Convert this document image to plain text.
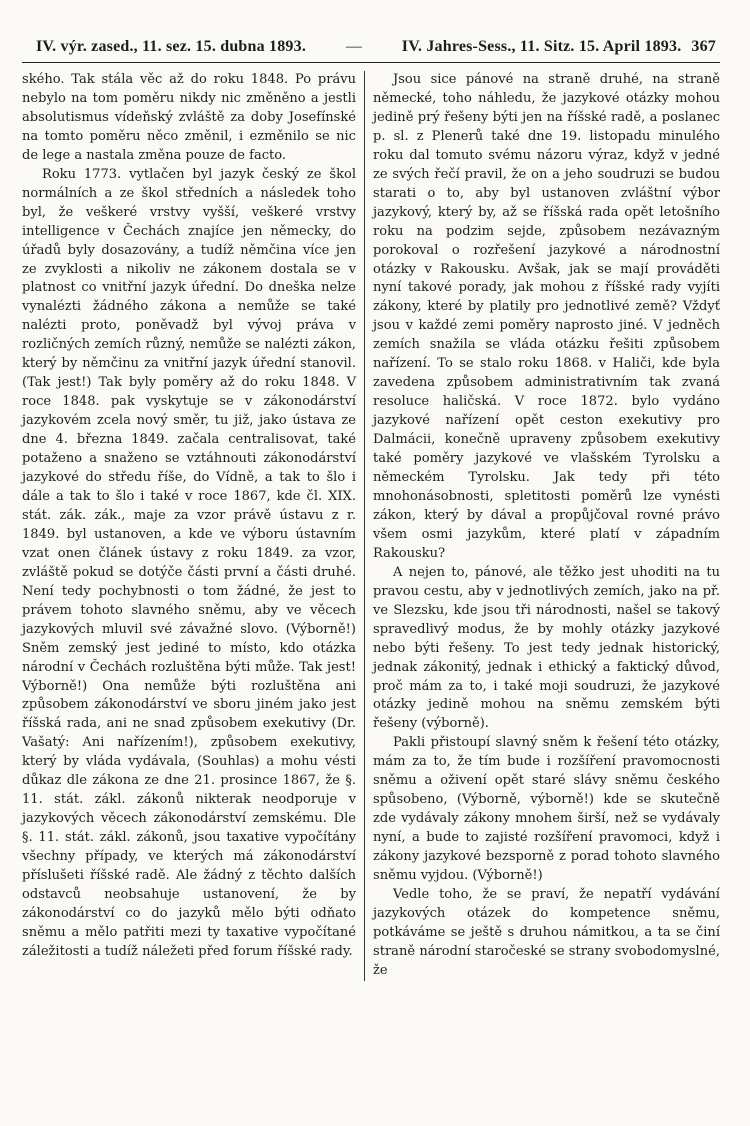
IV. výr. zased., 11. sez. 15. dubna 1893. — IV. Jahres-Sess., 11. Sitz. 15. April 1893. 367

ského. Tak stála věc až do roku 1848. Po právu nebylo na tom poměru nikdy nic změněno a jestli absolutismus vídeňský zvláště za doby Josefínské na tomto poměru něco změnil, i ezměnilo se nic de lege a nastala změna pouze de facto.

Roku 1773. vytlačen byl jazyk český ze škol normálních a ze škol středních a následek toho byl, že veškeré vrstvy vyšší, veškeré vrstvy intelligence v Čechách znajíce jen německy, do úřadů byly dosazovány, a tudíž němčina více jen ze zvyklosti a nikoliv ne zákonem dostala se v platnost co vnitřní jazyk úřední. Do dneška nelze vynalézti žádného zákona a nemůže se také nalézti proto, poněvadž byl vývoj práva v rozličných zemích různý, nemůže se nalézti zákon, který by němčinu za vnitřní jazyk úřední stanovil. (Tak jest!) Tak byly poměry až do roku 1848. V roce 1848. pak vyskytuje se v zákonodárství jazykovém zcela nový směr, tu již, jako ústava ze dne 4. března 1849. začala centralisovat, také potaženo a snaženo se vztáhnouti zákonodárství jazykové do středu říše, do Vídně, a tak to šlo i dále a tak to šlo i také v roce 1867, kde čl. XIX. stát. zák. zák., maje za vzor právě ústavu z r. 1849. byl ustanoven, a kde ve výboru ústavním vzat onen článek ústavy z roku 1849. za vzor, zvláště pokud se dotýče části první a části druhé. Není tedy pochybnosti o tom žádné, že jest to právem tohoto slavného sněmu, aby ve věcech jazykových mluvil své závažné slovo. (Výborně!) Sněm zemský jest jediné to místo, kdo otázka národní v Čechách rozluštěna býti může. Tak jest! Výborně!) Ona nemůže býti rozluštěna ani způsobem zákonodárství ve sboru jiném jako jest říšská rada, ani ne snad způsobem exekutivy (Dr. Vašatý: Ani nařízením!), způsobem exekutivy, který by vláda vydávala, (Souhlas) a mohu vésti důkaz dle zákona ze dne 21. prosince 1867, že §. 11. stát. zákl. zákonů nikterak neodporuje v jazykových věcech zákonodárství zemskému. Dle §. 11. stát. zákl. zákonů, jsou taxative vypočítány všechny případy, ve kterých má zákonodárství příslušeti říšské radě. Ale žádný z těchto dalších odstavců neobsahuje ustanovení, že by zákonodárství co do jazyků mělo býti odňato sněmu a mělo patřiti mezi ty taxative vypočítané záležitosti a tudíž náležeti před forum říšské rady.

Jsou sice pánové na straně druhé, na straně německé, toho náhledu, že jazykové otázky mohou jedině prý řešeny býti jen na říšské radě, a poslanec p. sl. z Plenerů také dne 19. listopadu minulého roku dal tomuto svému názoru výraz, když v jedné ze svých řečí pravil, že on a jeho soudruzi se budou starati o to, aby byl ustanoven zvláštní výbor jazykový, který by, až se říšská rada opět letošního roku na podzim sejde, způsobem nezávazným porokoval o rozřešení jazykové a národnostní otázky v Rakousku. Avšak, jak se mají prováděti nyní takové porady, jak mohou z říšské rady vyjíti zákony, které by platily pro jednotlivé země? Vždyť jsou v každé zemi poměry naprosto jiné. V jedněch zemích snažila se vláda otázku řešiti způsobem nařízení. To se stalo roku 1868. v Haliči, kde byla zavedena způsobem administrativním tak zvaná resoluce haličská. V roce 1872. bylo vydáno jazykové nařízení opět ceston exekutivy pro Dalmácii, konečně upraveny způsobem exekutivy také poměry jazykové ve vlašském Tyrolsku a německém Tyrolsku. Jak tedy při této mnohonásobnosti, spletitosti poměrů lze vynésti zákon, který by dával a propůjčoval rovné právo všem osmi jazykům, které platí v západním Rakousku?

A nejen to, pánové, ale těžko jest uhoditi na tu pravou cestu, aby v jednotlivých zemích, jako na př. ve Slezsku, kde jsou tři národnosti, našel se takový spravedlivý modus, že by mohly otázky jazykové nebo býti řešeny. To jest tedy jednak historický, jednak zákonitý, jednak i ethický a faktický důvod, proč mám za to, i také moji soudruzi, že jazykové otázky jedině mohou na sněmu zemském býti řešeny (výborně).

Pakli přistoupí slavný sněm k řešení této otázky, mám za to, že tím bude i rozšíření pravomocnosti sněmu a oživení opět staré slávy sněmu českého spůsobeno, (Výborně, výborně!) kde se skutečně zde vydávaly zákony mnohem širší, než se vydávaly nyní, a bude to zajisté rozšíření pravomoci, když i zákony jazykové bezsporně z porad tohoto slavného sněmu vyjdou. (Výborně!)

Vedle toho, že se praví, že nepatří vydávání jazykových otázek do kompetence sněmu, potkáváme se ještě s druhou námitkou, a ta se činí straně národní staročeské se strany svobodomyslné, že
